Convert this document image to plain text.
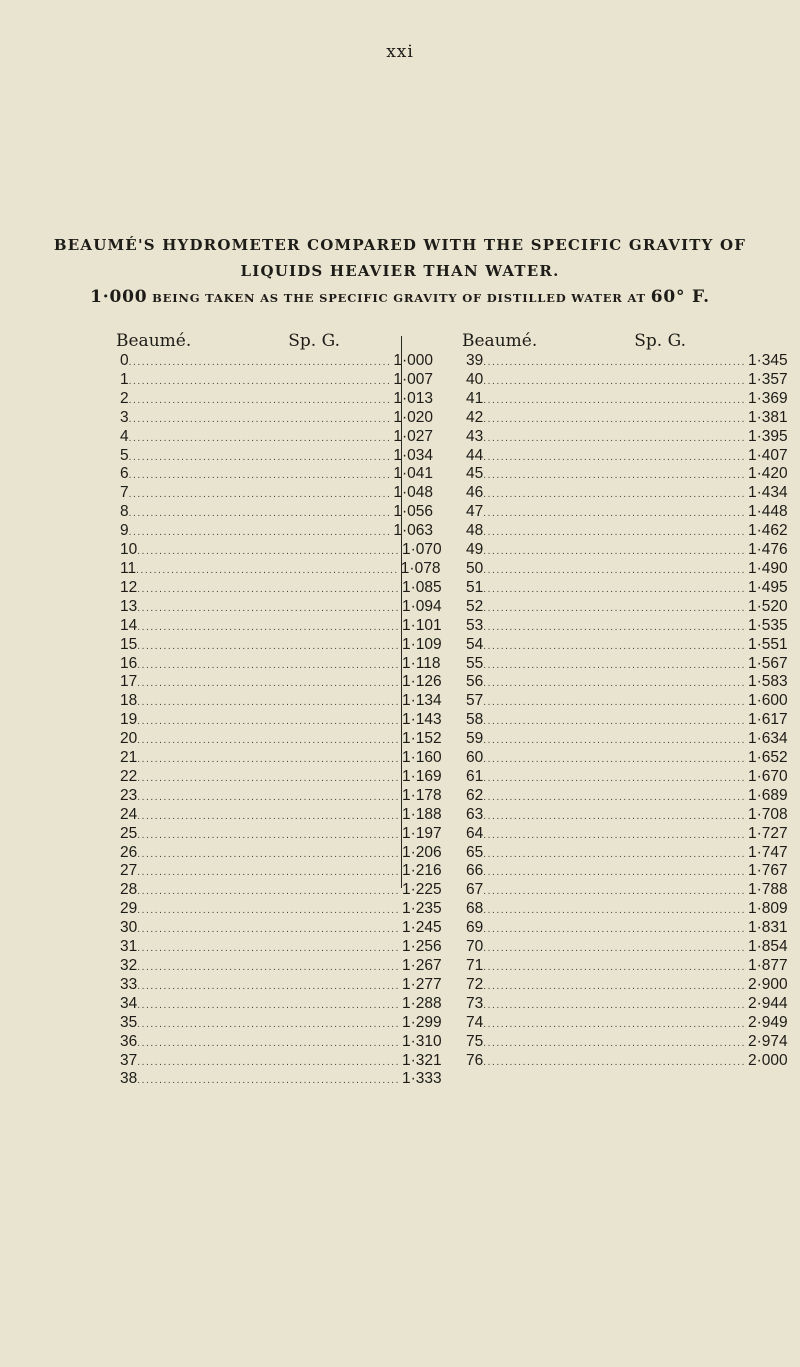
xxi
BEAUMÉ'S HYDROMETER COMPARED WITH THE SPECIFIC GRAVITY OF
LIQUIDS HEAVIER THAN WATER.
1·000 BEING TAKEN AS THE SPECIFIC GRAVITY OF DISTILLED WATER AT 60° F.
Beaumé.	Sp. G.
0 ............................................................ 1·000
1 ............................................................ 1·007
2 ............................................................ 1·013
3 ............................................................ 1·020
4 ............................................................ 1·027
5 ............................................................ 1·034
6 ............................................................ 1·041
7 ............................................................ 1·048
8 ............................................................ 1·056
9 ............................................................ 1·063
10 ............................................................ 1·070
11 ............................................................ 1·078
12 ............................................................ 1·085
13 ............................................................ 1·094
14 ............................................................ 1·101
15 ............................................................ 1·109
16 ............................................................ 1·118
17 ............................................................ 1·126
18 ............................................................ 1·134
19 ............................................................ 1·143
20 ............................................................ 1·152
21 ............................................................ 1·160
22 ............................................................ 1·169
23 ............................................................ 1·178
24 ............................................................ 1·188
25 ............................................................ 1·197
26 ............................................................ 1·206
27 ............................................................ 1·216
28 ............................................................ 1·225
29 ............................................................ 1·235
30 ............................................................ 1·245
31 ............................................................ 1·256
32 ............................................................ 1·267
33 ............................................................ 1·277
34 ............................................................ 1·288
35 ............................................................ 1·299
36 ............................................................ 1·310
37 ............................................................ 1·321
38 ............................................................ 1·333
Beaumé.	Sp. G.
39 ............................................................ 1·345
40 ............................................................ 1·357
41 ............................................................ 1·369
42 ............................................................ 1·381
43 ............................................................ 1·395
44 ............................................................ 1·407
45 ............................................................ 1·420
46 ............................................................ 1·434
47 ............................................................ 1·448
48 ............................................................ 1·462
49 ............................................................ 1·476
50 ............................................................ 1·490
51 ............................................................ 1·495
52 ............................................................ 1·520
53 ............................................................ 1·535
54 ............................................................ 1·551
55 ............................................................ 1·567
56 ............................................................ 1·583
57 ............................................................ 1·600
58 ............................................................ 1·617
59 ............................................................ 1·634
60 ............................................................ 1·652
61 ............................................................ 1·670
62 ............................................................ 1·689
63 ............................................................ 1·708
64 ............................................................ 1·727
65 ............................................................ 1·747
66 ............................................................ 1·767
67 ............................................................ 1·788
68 ............................................................ 1·809
69 ............................................................ 1·831
70 ............................................................ 1·854
71 ............................................................ 1·877
72 ............................................................ 2·900
73 ............................................................ 2·944
74 ............................................................ 2·949
75 ............................................................ 2·974
76 ............................................................ 2·000
